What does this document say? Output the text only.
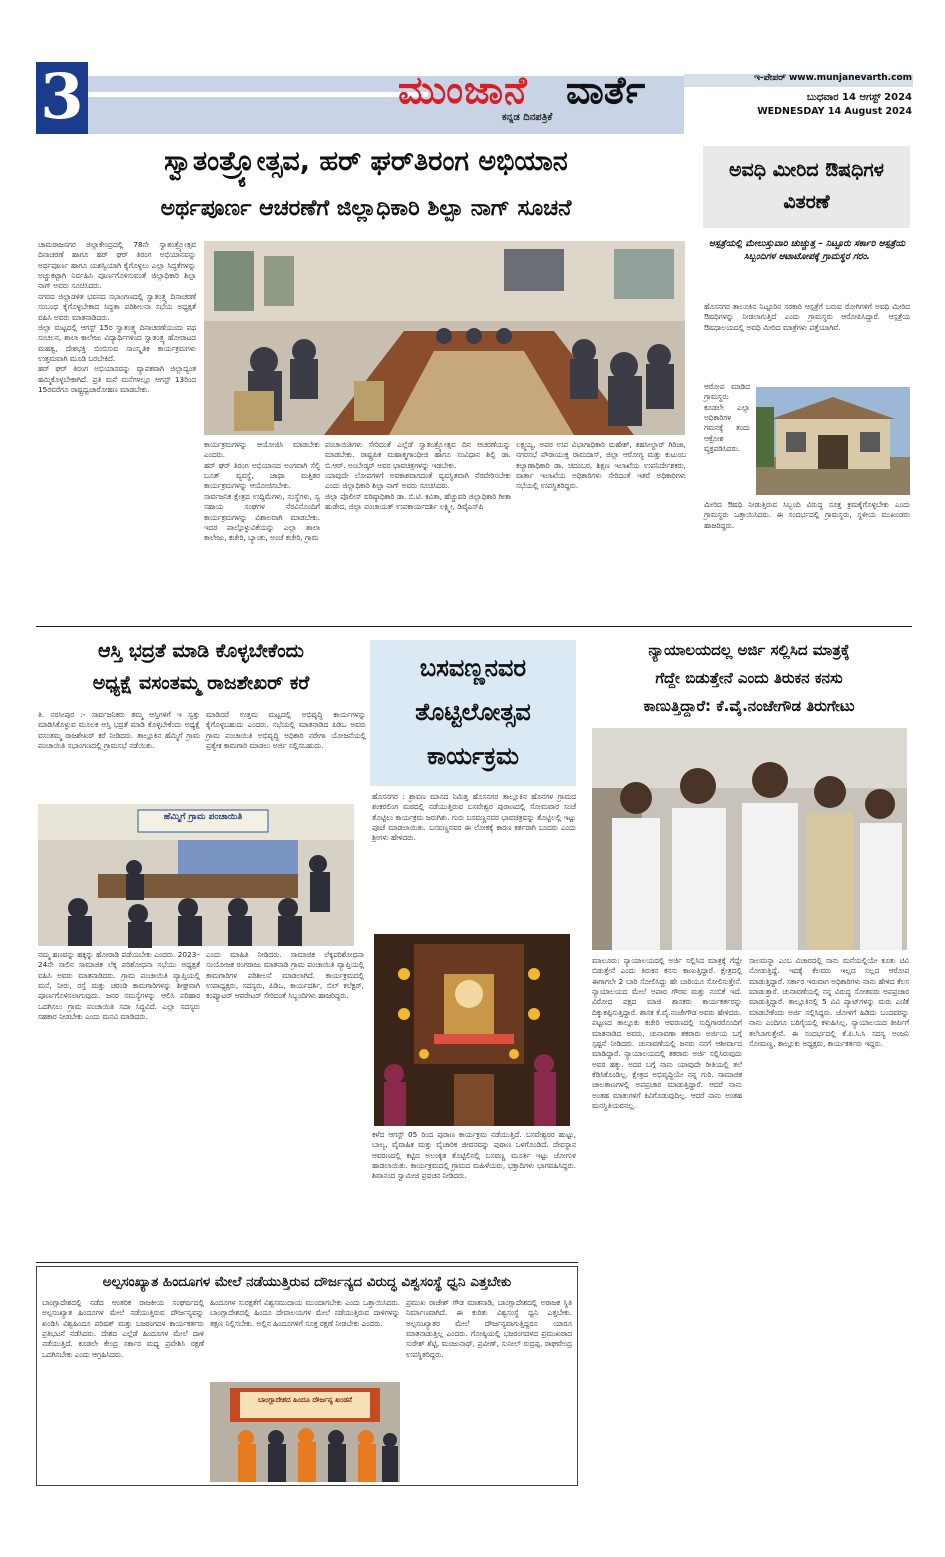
3	ಮುಂಜಾನೆ ವಾರ್ತೆ
ಕನ್ನಡ ದಿನಪತ್ರಿಕೆ
ಇ-ಪೇಪರ್ www.munjanevarth.com
ಬುಧವಾರ 14 ಆಗಸ್ಟ್ 2024
WEDNESDAY 14 August 2024
ಸ್ವಾತಂತ್ರ್ಯೋತ್ಸವ, ಹರ್ ಘರ್‌ತಿರಂಗ ಅಭಿಯಾನ
ಅರ್ಥಪೂರ್ಣ ಆಚರಣೆಗೆ ಜಿಲ್ಲಾಧಿಕಾರಿ ಶಿಲ್ಪಾ ನಾಗ್ ಸೂಚನೆ
ಚಾಮರಾಜನಗರ ಜಿಲ್ಲಾಕೇಂದ್ರದಲ್ಲಿ 78ನೇ ಸ್ವಾತಂತ್ರ್ಯೋತ್ಸವ ದಿನಾಚರಣೆ ಹಾಗೂ ಹರ್ ಘರ್ ತಿರಂಗ ಅಭಿಯಾನವನ್ನು ಅರ್ಥಪೂರ್ಣ ಹಾಗೂ ಯಶಸ್ವಿಯಾಗಿ ಕೈಗೊಳ್ಳಲು ಎಲ್ಲಾ ಸಿದ್ಧತೆಗಳನ್ನು ಅಚ್ಚುಕಟ್ಟಾಗಿ ನಿರ್ವಹಿಸಿ ಪೂರ್ಣಗೊಳಿಸುವಂತೆ ಜಿಲ್ಲಾಧಿಕಾರಿ ಶಿಲ್ಪಾ ನಾಗ್ ಅವರು ಸೂಚಿಸಿದರು.
ನಗರದ ಜಿಲ್ಲಾಡಳಿತ ಭವನದ ಸಭಾಂಗಣದಲ್ಲಿ ಸ್ವಾತಂತ್ರ್ಯ ದಿನಾಚರಣೆ ಸಂಬಂಧ ಕೈಗೊಳ್ಳಬೇಕಾದ ಸಿದ್ಧತಾ ಪರಿಶೀಲನಾ ಸಭೆಯ ಅಧ್ಯಕ್ಷತೆ ವಹಿಸಿ ಅವರು ಮಾತನಾಡಿದರು.
ಜಿಲ್ಲಾ ಮಟ್ಟದಲ್ಲಿ ಆಗಸ್ಟ್ 15ರ ಸ್ವಾತಂತ್ರ್ಯ ದಿನಾಚರಣೆಯಂದು ಪಥ ಸಂಚಲನ, ಶಾಲಾ ಕಾಲೇಜು ವಿದ್ಯಾರ್ಥಿಗಳಿಂದ ಸ್ವಾತಂತ್ರ್ಯ ಹೋರಾಟದ ಮಹತ್ವ, ದೇಶಭಕ್ತಿ ಬಿಂಬಿಸುವ ಸಾಂಸ್ಕೃತಿಕ ಕಾರ್ಯಕ್ರಮಗಳು ಉತ್ತಮವಾಗಿ ಮೂಡಿ ಬರಬೇಕಿದೆ.
ಹರ್ ಘರ್ ತಿರಂಗ ಅಭಿಯಾನವನ್ನು ವ್ಯಾಪಕವಾಗಿ ಜಿಲ್ಲಾದ್ಯಂತ ಹಮ್ಮಿಕೊಳ್ಳಬೇಕಾಗಿದೆ. ಪ್ರತಿ ಮನೆ ಮನೆಗಳಲ್ಲೂ ಆಗಸ್ಟ್ 13ರಿಂದ 15ರವರೆಗೂ ರಾಷ್ಟ್ರಧ್ವಜಾರೋಹಣ ಮಾಡಬೇಕು.
ಕಾರ್ಯಕ್ರಮಗಳನ್ನು ಆಯೋಜಿಸಿ ಮಾಡಬೇಕು ಎಂದರು.
ಹರ್ ಘರ್ ತಿರಂಗ ಅಭಿಯಾನದ ಅಂಗವಾಗಿ ಸೆಲ್ಫಿ ಬೂತ್ ವ್ಯವಸ್ಥೆ, ಜಾಥಾ ಮತ್ತಿತರ ಕಾರ್ಯಕ್ರಮಗಳನ್ನು ಆಯೋಜಿಸಬೇಕು.
ಸಾರ್ವಜನಿಕ ಕ್ಷೇತ್ರದ ಉದ್ದಿಮೆಗಳು, ಸಂಸ್ಥೆಗಳು, ಸ್ವ ಸಹಾಯ ಸಂಘಗಳ ನೆರವಿನೊಂದಿಗೆ ಕಾರ್ಯಕ್ರಮಗಳನ್ನು ವಿಶಾಲವಾಗಿ ಮಾಡಬೇಕು. ಇದರ ಪಾಲ್ಗೊಳ್ಳುವಿಕೆಯನ್ನು ಎಲ್ಲಾ ಶಾಲಾ ಕಾಲೇಜು, ಕಚೇರಿ, ಬ್ಯಾಂಕು, ಅಂಚೆ ಕಚೇರಿ, ಗ್ರಾಮ
ಪಂಚಾಯಿತಿಗಳು ಸೇರಿದಂತೆ ಎಲ್ಲೆಡೆ ಸ್ವಾತಂತ್ರ್ಯೋತ್ಸವ ದಿನ ಆಚರಣೆಯನ್ನು ಮಾಡಬೇಕು. ರಾಷ್ಟ್ರಪಿತ ಮಹಾತ್ಮಗಾಂಧೀಜಿ ಹಾಗೂ ಸಂವಿಧಾನ ಶಿಲ್ಪಿ ಡಾ. ಬಿ.ಆರ್. ಅಂಬೇಡ್ಕರ್ ಅವರ ಭಾವಚಿತ್ರಗಳನ್ನು ಇಡಬೇಕು.
ಯಾವುದೇ ಲೋಪಗಳಿಗೆ ಅವಕಾಶವಾಗದಂತೆ ವ್ಯವಸ್ಥಿತವಾಗಿ ನೆರವೇರಿಸಬೇಕು ಎಂದು ಜಿಲ್ಲಾಧಿಕಾರಿ ಶಿಲ್ಪಾ ನಾಗ್ ಅವರು ಸೂಚಿಸಿದರು.
ಜಿಲ್ಲಾ ಪೊಲೀಸ್ ವರಿಷ್ಠಾಧಿಕಾರಿ ಡಾ. ಬಿ.ಟಿ. ಕವಿತಾ, ಹೆಚ್ಚುವರಿ ಜಿಲ್ಲಾಧಿಕಾರಿ ಗೀತಾ ಹುಡೇದ, ಜಿಲ್ಲಾ ಪಂಚಾಯತ್ ಉಪಕಾರ್ಯದರ್ಶಿ ಲಕ್ಷ್ಮೀ, ಡಿವೈಎಸ್‌ಪಿ
ಲಕ್ಷ್ಮಯ್ಯ, ಅಪರ ಉಪ ವಿಭಾಗಾಧಿಕಾರಿ ಮಹೇಶ್, ತಹಸೀಲ್ದಾರ್ ಗಿರಿಜಾ, ನಗರಸಭೆ ಪೌರಾಯುಕ್ತ ರಾಮದಾಸ್, ಜಿಲ್ಲಾ ಆರೋಗ್ಯ ಮತ್ತು ಕುಟುಂಬ ಕಲ್ಯಾಣಾಧಿಕಾರಿ ಡಾ. ಚಿದಂಬರ, ಶಿಕ್ಷಣ ಇಲಾಖೆಯ ಉಪನಿರ್ದೇಶಕರು, ವಾರ್ತಾ ಇಲಾಖೆಯ ಅಧಿಕಾರಿಗಳು ಸೇರಿದಂತೆ ಇತರೆ ಅಧಿಕಾರಿಗಳು ಸಭೆಯಲ್ಲಿ ಉಪಸ್ಥಿತರಿದ್ದರು.
ಅವಧಿ ಮೀರಿದ ಔಷಧಿಗಳ ವಿತರಣೆ
ಆಸ್ಪತ್ರೆಯಲ್ಲಿ ಮೇಲುಸ್ತುವಾರಿ ಚುಚ್ಚುತ್ತ – ನಿಟ್ಟೂರು ಸರ್ಕಾರಿ ಆಸ್ಪತ್ರೆಯ ಸಿಬ್ಬಂದಿಗಳ ಆಟಾಟೋಪಕ್ಕೆ ಗ್ರಾಮಸ್ಥರ ಗರಂ.
ಹೊಸನಗರ ತಾಲೂಕಿನ ನಿಟ್ಟೂರಿನ ಸರಕಾರಿ ಆಸ್ಪತ್ರೆಗೆ ಬರುವ ರೋಗಿಗಳಿಗೆ ಅವಧಿ ಮೀರಿದ ಔಷಧಿಗಳನ್ನು ನೀಡಲಾಗುತ್ತಿದೆ ಎಂದು ಗ್ರಾಮಸ್ಥರು ಆರೋಪಿಸಿದ್ದಾರೆ. ಆಸ್ಪತ್ರೆಯ ಔಷಧಾಲಯದಲ್ಲಿ ಅವಧಿ ಮೀರಿದ ಮಾತ್ರೆಗಳು ಪತ್ತೆಯಾಗಿವೆ.
ಆರೋಪ ಮಾಡಿದ ಗ್ರಾಮಸ್ಥರು ಕೂಡಲೇ ಎಲ್ಲಾ ಅಧಿಕಾರಿಗಳ ಗಮನಕ್ಕೆ ತಂದು ಆಕ್ರೋಶ ವ್ಯಕ್ತಪಡಿಸಿದರು.
ಮೀರಿದ ಔಷಧಿ ನೀಡುತ್ತಿರುವ ಸಿಬ್ಬಂದಿ ವಿರುದ್ಧ ಸೂಕ್ತ ಕ್ರಮಕೈಗೊಳ್ಳಬೇಕು ಎಂದು ಗ್ರಾಮಸ್ಥರು ಒತ್ತಾಯಿಸಿದರು. ಈ ಸಂದರ್ಭದಲ್ಲಿ ಗ್ರಾಮಸ್ಥರು, ಸ್ಥಳೀಯ ಮುಖಂಡರು ಹಾಜರಿದ್ದರು.
ಆಸ್ತಿ ಭದ್ರತೆ ಮಾಡಿ ಕೊಳ್ಳಬೇಕೆಂದು
ಅಧ್ಯಕ್ಷೆ ವಸಂತಮ್ಮ ರಾಜಶೇಖರ್ ಕರೆ
ತಿ. ನರಸೀಪುರ :- ಸಾರ್ವಜನಿಕರು ತಮ್ಮ ಆಸ್ತಿಗಳಿಗೆ ಇ ಸ್ವತ್ತು ಮಾಡಿಸಿಕೊಳ್ಳುವ ಮೂಲಕ ಆಸ್ತಿ ಭದ್ರತೆ ಮಾಡಿ ಕೊಳ್ಳಬೇಕೆಂದು ಅಧ್ಯಕ್ಷೆ ವಸಂತಮ್ಮ ರಾಜಶೇಖರ್ ಕರೆ ನೀಡಿದರು. ತಾಲ್ಲೂಕಿನ ಹೆಮ್ಮಿಗೆ ಗ್ರಾಮ ಪಂಚಾಯಿತಿ ಸಭಾಂಗಣದಲ್ಲಿ ಗ್ರಾಮಸಭೆ ನಡೆಯಿತು.
ಮಾಡಿದರೆ ಉತ್ತಮ ಮಟ್ಟದಲ್ಲಿ ಅಭಿವೃದ್ಧಿ ಕಾರ್ಯಗಳನ್ನು ಕೈಗೊಳ್ಳಬಹುದು ಎಂದರು. ಸಭೆಯಲ್ಲಿ ಮಾತನಾಡಿದ ಪಿಡಿಒ ಅವರು ಗ್ರಾಮ ಪಂಚಾಯಿತಿ ಅಭಿವೃದ್ಧಿ ಅಧಿಕಾರಿ ನರೇಗಾ ಯೋಜನೆಯಲ್ಲಿ ಪ್ರತ್ಯೇಕ ಕಾಮಗಾರಿ ಮಾಡಲು ಅರ್ಜಿ ಸಲ್ಲಿಸಬಹುದು.
ಹೆಮ್ಮಿಗೆ ಗ್ರಾಮ ಪಂಚಾಯಿತಿ
ನಮ್ಮ ಹಣವನ್ನು ಹಕ್ಕನ್ನು ಹೋರಾಡಿ ಪಡೆಯಬೇಕು ಎಂದರು. 2023–24ನೇ ಸಾಲಿನ ಸಾಮಾಜಿಕ ಲೆಕ್ಕ ಪರಿಶೋಧನಾ ಸಭೆಯು ಅಧ್ಯಕ್ಷತೆ ವಹಿಸಿ ಅವರು ಮಾತನಾಡಿದರು. ಗ್ರಾಮ ಪಂಚಾಯಿತಿ ವ್ಯಾಪ್ತಿಯಲ್ಲಿ ಮನೆ, ನೀರು, ರಸ್ತೆ ಮತ್ತು ಚರಂಡಿ ಕಾಮಗಾರಿಗಳನ್ನು ಶೀಘ್ರವಾಗಿ ಪೂರ್ಣಗೊಳಿಸಲಾಗುವುದು. ಜನರ ಸಮಸ್ಯೆಗಳನ್ನು ಆಲಿಸಿ ಪರಿಹಾರ ಒದಗಿಸಲು ಗ್ರಾಮ ಪಂಚಾಯಿತಿ ಸದಾ ಸಿದ್ಧವಿದೆ. ಎಲ್ಲಾ ಸದಸ್ಯರು ಸಹಕಾರ ನೀಡಬೇಕು ಎಂದು ಮನವಿ ಮಾಡಿದರು.
ಎಂದು ಮಾಹಿತಿ ನೀಡಿದರು. ಸಾಮಾಜಿಕ ಲೆಕ್ಕಪರಿಶೋಧನಾ ಸಂಯೋಜಕ ರಂಗರಾಜು ಮಾತನಾಡಿ ಗ್ರಾಮ ಪಂಚಾಯಿತಿ ವ್ಯಾಪ್ತಿಯಲ್ಲಿ ಕಾಮಗಾರಿಗಳ ಪರಿಶೀಲನೆ ಮಾಡಲಾಗಿದೆ. ಕಾರ್ಯಕ್ರಮದಲ್ಲಿ ಉಪಾಧ್ಯಕ್ಷರು, ಸದಸ್ಯರು, ಪಿಡಿಒ, ಕಾರ್ಯದರ್ಶಿ, ಬಿಲ್ ಕಲೆಕ್ಟರ್, ಕಂಪ್ಯೂಟರ್ ಆಪರೇಟರ್ ಸೇರಿದಂತೆ ಸಿಬ್ಬಂದಿಗಳು ಹಾಜರಿದ್ದರು.
ಬಸವಣ್ಣನವರ
ತೊಟ್ಟಿಲೋತ್ಸವ
ಕಾರ್ಯಕ್ರಮ
ಹೊಸನಗರ : ಶ್ರಾವಣ ಮಾಸದ ನಿಮಿತ್ತ ಹೊಸನಗರ ತಾಲ್ಲೂಕಿನ ಹೊನಗಳ ಗ್ರಾಮದ ಶಂಕರಲಿಂಗ ಮಠದಲ್ಲಿ ನಡೆಯುತ್ತಿರುವ ಬಸವೇಶ್ವರ ಪುರಾಣದಲ್ಲಿ ಸೋಮವಾರ ಸಂಜೆ ತೊಟ್ಟಿಲು ಕಾರ್ಯಕ್ರಮ ಜರುಗಿತು. ಗುರು ಬಸವಣ್ಣನವರ ಭಾವಚಿತ್ರವನ್ನು ತೊಟ್ಟಿಲಲ್ಲಿ ಇಟ್ಟು ಪೂಜೆ ಮಾಡಲಾಯಿತು. ಬಸವಣ್ಣನವರ ಈ ಲೋಕಕ್ಕೆ ಕಾರಣ ಕರ್ತರಾಗಿ ಬಂದರು ಎಂದು ಶ್ರೀಗಳು ಹೇಳಿದರು.
ಕಳೆದ ಆಗಸ್ಟ್ 05 ರಿಂದ ಪುರಾಣ ಕಾರ್ಯಕ್ರಮ ನಡೆಯುತ್ತಿದೆ. ಬಸವೇಶ್ವರರ ಹುಟ್ಟು, ಬಾಲ್ಯ, ವೈವಾಹಿಕ ಮತ್ತು ವೈಚಾರಿಕ ಜೀವನವನ್ನು ಪುರಾಣ ಒಳಗೊಂಡಿದೆ. ದೇವಸ್ಥಾನ ಆವರಣದಲ್ಲಿ ಕಟ್ಟಿದ ಅಲಂಕೃತ ತೊಟ್ಟಿಲಿನಲ್ಲಿ ಬಸವಣ್ಣ ಮೂರ್ತಿ ಇಟ್ಟು ಜೋಗುಳ ಹಾಡಲಾಯಿತು. ಕಾರ್ಯಕ್ರಮದಲ್ಲಿ ಗ್ರಾಮದ ಮಹಿಳೆಯರು, ಭಕ್ತಾದಿಗಳು ಭಾಗವಹಿಸಿದ್ದರು. ಶಿವಾನಂದ ಸ್ವಾಮೀಜಿ ಪ್ರವಚನ ನೀಡಿದರು.
ನ್ಯಾಯಾಲಯದಲ್ಲ ಅರ್ಜಿ ಸಲ್ಲಿಸಿದ ಮಾತ್ರಕ್ಕೆ
ಗೆದ್ದೇ ಬಿಡುತ್ತೇನೆ ಎಂದು ತಿರುಕನ ಕನಸು
ಕಾಣುತ್ತಿದ್ದಾರೆ: ಕೆ.ವೈ.ನಂಜೇಗೌಡ ತಿರುಗೇಟು
ಮಾಲೂರು: ನ್ಯಾಯಾಲಯದಲ್ಲಿ ಅರ್ಜಿ ಸಲ್ಲಿಸಿದ ಮಾತ್ರಕ್ಕೆ ಗೆದ್ದೇ ಬಿಡುತ್ತೇನೆ ಎಂದು ತಿರುಕನ ಕನಸು ಕಾಣುತ್ತಿದ್ದಾರೆ. ಕ್ಷೇತ್ರದಲ್ಲಿ ಈಗಾಗಲೇ 2 ಬಾರಿ ಸೋಲಿಸಿದ್ದು ಹೇ ಬಾರಿಯೂ ಸೋಲಿಸುತ್ತೇನೆ. ನ್ಯಾಯಾಲಯದ ಮೇಲೆ ಅಪಾರ ಗೌರವ ಮತ್ತು ನಂಬಿಕೆ ಇದೆ. ವಿರೋಧ ಪಕ್ಷದ ಮಾಜಿ ಶಾಸಕರು ಕಾರ್ಯಕರ್ತರನ್ನು ದಿಕ್ಕುತಪ್ಪಿಸುತ್ತಿದ್ದಾರೆ. ಶಾಸಕ ಕೆ.ವೈ.ನಂಜೇಗೌಡ ಅವರು ಹೇಳಿದರು. ಪಟ್ಟಣದ ತಾಲ್ಲೂಕು ಕಚೇರಿ ಆವರಣದಲ್ಲಿ ಸುದ್ದಿಗಾರರೊಂದಿಗೆ ಮಾತನಾಡಿದ ಅವರು, ಚುನಾವಣಾ ತಕರಾರು ಅರ್ಜಿಯ ಬಗ್ಗೆ ಸ್ಪಷ್ಟನೆ ನೀಡಿದರು. ಚುನಾವಣೆಯಲ್ಲಿ ಜನರು ನನಗೆ ಆಶೀರ್ವಾದ ಮಾಡಿದ್ದಾರೆ. ನ್ಯಾಯಾಲಯದಲ್ಲಿ ತಕರಾರು ಅರ್ಜಿ ಸಲ್ಲಿಸಿರುವುದು ಅವರ ಹಕ್ಕು. ಅದರ ಬಗ್ಗೆ ನಾನು ಯಾವುದೇ ರೀತಿಯಲ್ಲಿ ತಲೆ ಕೆಡಿಸಿಕೊಂಡಿಲ್ಲ. ಕ್ಷೇತ್ರದ ಅಭಿವೃದ್ಧಿಯೇ ನನ್ನ ಗುರಿ. ಸಾಮಾಜಿಕ ಜಾಲತಾಣಗಳಲ್ಲಿ ಅಪಪ್ರಚಾರ ಮಾಡುತ್ತಿದ್ದಾರೆ. ಆದರೆ ನಾನು ಅಂತಹ ಮಾತುಗಳಿಗೆ ಕಿವಿಗೊಡುವುದಿಲ್ಲ. ಆದರೆ ನಾನು ಅಂತಹ ಮನಸ್ಥಿತಿಯವನಲ್ಲ.
ಸಾಲಮನ್ನಾ ಎಂಬ ವಿಚಾರದಲ್ಲಿ ನಾನು ಮನೆಯಲ್ಲಿಯೇ ಕೂತು ಟಿವಿ ನೋಡುತ್ತಿದ್ದೆ. ಇದಕ್ಕೆ ಕೆಲವರು ಇಲ್ಲದ ಸಲ್ಲದ ಆರೋಪ ಮಾಡುತ್ತಿದ್ದಾರೆ. ಸರ್ಕಾರ ಇರುವಾಗ ಅಧಿಕಾರಿಗಳು ನಾನು ಹೇಳಿದ ಕೆಲಸ ಮಾಡುತ್ತಾರೆ. ಚುನಾವಣೆಯಲ್ಲಿ ನನ್ನ ವಿರುದ್ಧ ಸೋತವರು ಅಪಪ್ರಚಾರ ಮಾಡುತ್ತಿದ್ದಾರೆ. ತಾಲ್ಲೂಕಿನಲ್ಲಿ 5 ವಿವಿ ಪ್ಯಾಟ್‌ಗಳನ್ನು ಮರು ಎಣಿಕೆ ಮಾಡಬೇಕೆಂದು ಅರ್ಜಿ ಸಲ್ಲಿಸಿದ್ದರು. ಜೋಳಿಗೆ ಹಿಡಿದು ಬಂದವರನ್ನು ನಾನು ಎಂದಿಗೂ ಬರಿಗೈಯಲ್ಲಿ ಕಳುಹಿಸಿಲ್ಲ. ನ್ಯಾಯಾಲಯದ ತೀರ್ಪಿಗೆ ತಲೆಬಾಗುತ್ತೇನೆ. ಈ ಸಂದರ್ಭದಲ್ಲಿ ಕೆ.ಪಿ.ಸಿ.ಸಿ ಸದಸ್ಯ ಅಂಜನಿ ಸೋಮಣ್ಣ, ತಾಲ್ಲೂಕು ಅಧ್ಯಕ್ಷರು, ಕಾರ್ಯಕರ್ತರು ಇದ್ದರು.
ಅಲ್ಪಸಂಖ್ಯಾತ ಹಿಂದೂಗಳ ಮೇಲೆ ನಡೆಯುತ್ತಿರುವ ದೌರ್ಜನ್ಯದ ವಿರುದ್ಧ ವಿಶ್ವಸಂಸ್ಥೆ ಧ್ವನಿ ಎತ್ತಬೇಕು
ಬಾಂಗ್ಲಾದೇಶದಲ್ಲಿ ನಡೆದ ಆಂತರಿಕ ರಾಜಕೀಯ ಸಂಘರ್ಷದಲ್ಲಿ ಅಲ್ಪಸಂಖ್ಯಾತ ಹಿಂದೂಗಳ ಮೇಲೆ ನಡೆಯುತ್ತಿರುವ ದೌರ್ಜನ್ಯವನ್ನು ಖಂಡಿಸಿ ವಿಶ್ವಹಿಂದೂ ಪರಿಷತ್ ಮತ್ತು ಬಜರಂಗದಳ ಕಾರ್ಯಕರ್ತರು ಪ್ರತಿಭಟನೆ ನಡೆಸಿದರು. ದೇಶದ ಎಲ್ಲೆಡೆ ಹಿಂದೂಗಳ ಮೇಲೆ ದಾಳಿ ನಡೆಯುತ್ತಿದೆ. ಕೂಡಲೇ ಕೇಂದ್ರ ಸರ್ಕಾರ ಮಧ್ಯ ಪ್ರವೇಶಿಸಿ ರಕ್ಷಣೆ ಒದಗಿಸಬೇಕು ಎಂದು ಆಗ್ರಹಿಸಿದರು.
ಹಿಂದೂಗಳ ಸುರಕ್ಷತೆಗೆ ವಿಶ್ವಸಮುದಾಯ ಮುಂದಾಗಬೇಕು ಎಂದು ಒತ್ತಾಯಿಸಿದರು. ಬಾಂಗ್ಲಾದೇಶದಲ್ಲಿ ಹಿಂದೂ ದೇವಾಲಯಗಳ ಮೇಲೆ ನಡೆಯುತ್ತಿರುವ ದಾಳಿಗಳನ್ನು ತಕ್ಷಣ ನಿಲ್ಲಿಸಬೇಕು. ಅಲ್ಲಿನ ಹಿಂದೂಗಳಿಗೆ ಸೂಕ್ತ ರಕ್ಷಣೆ ನೀಡಬೇಕು ಎಂದರು.
ಬಾಂಗ್ಲಾದೇಶದ ಹಿಂದೂ ದೌರ್ಜನ್ಯ ಖಂಡನೆ
ಪ್ರಮುಖ ರಾಜೇಶ್ ಗೌಡ ಮಾತನಾಡಿ, ಬಾಂಗ್ಲಾದೇಶದಲ್ಲಿ ಅರಾಜಕ ಸ್ಥಿತಿ ನಿರ್ಮಾಣವಾಗಿದೆ. ಈ ಕುರಿತು ವಿಶ್ವಸಂಸ್ಥೆ ಧ್ವನಿ ಎತ್ತಬೇಕು. ಅಲ್ಪಸಂಖ್ಯಾತರ ಮೇಲೆ ದೌರ್ಜನ್ಯವಾಗುತ್ತಿದ್ದರೂ ಯಾರೂ ಮಾತನಾಡುತ್ತಿಲ್ಲ ಎಂದರು. ಗೋಷ್ಠಿಯಲ್ಲಿ ಭಜರಂಗದಳದ ಪ್ರಮುಖರಾದ ಸುರೇಶ್ ಶೆಟ್ಟಿ, ಮಂಜುನಾಥ್, ಪ್ರವೀಣ್, ಸುನೀಲ್ ರುದ್ರಪ್ಪ, ರಾಘವೇಂದ್ರ ಉಪಸ್ಥಿತರಿದ್ದರು.
